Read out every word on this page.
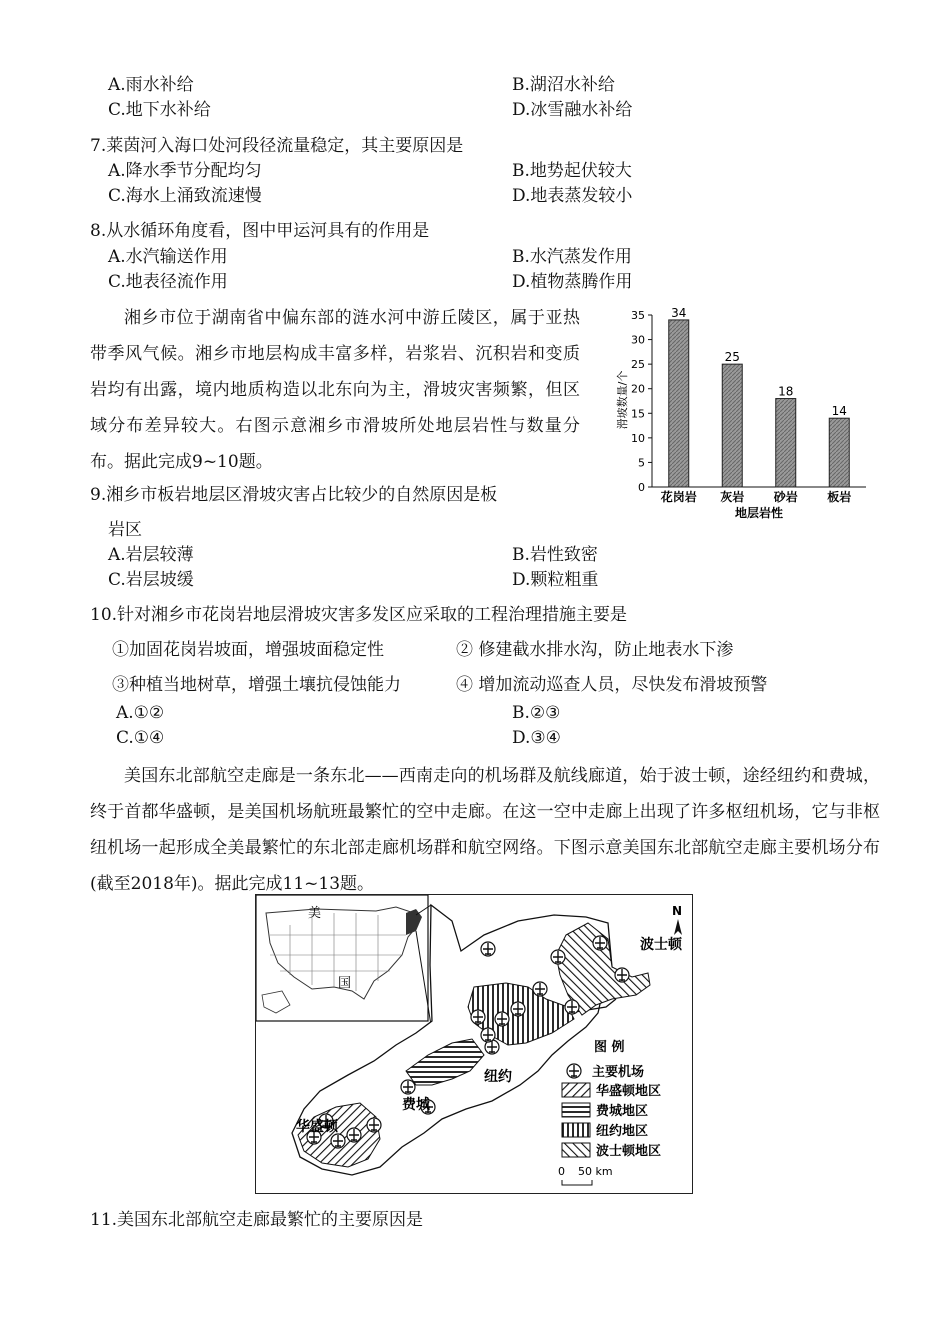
A.雨水补给	B.湖沼水补给
C.地下水补给	D.冰雪融水补给
7.莱茵河入海口处河段径流量稳定，其主要原因是
A.降水季节分配均匀	B.地势起伏较大
C.海水上涌致流速慢	D.地表蒸发较小
8.从水循环角度看，图中甲运河具有的作用是
A.水汽输送作用	B.水汽蒸发作用
C.地表径流作用	D.植物蒸腾作用
湘乡市位于湖南省中偏东部的涟水河中游丘陵区，属于亚热带季风气候。湘乡市地层构成丰富多样，岩浆岩、沉积岩和变质岩均有出露，境内地质构造以北东向为主，滑坡灾害频繁，但区域分布差异较大。右图示意湘乡市滑坡所处地层岩性与数量分布。据此完成9~10题。
滑坡数量/个
0
5
10
15
20
25
30
35 34
花岗岩
25
灰岩
18
砂岩
14
板岩
地层岩性
9.湘乡市板岩地层区滑坡灾害占比较少的自然原因是板
岩区
A.岩层较薄	B.岩性致密
C.岩层坡缓	D.颗粒粗重
10.针对湘乡市花岗岩地层滑坡灾害多发区应采取的工程治理措施主要是
①加固花岗岩坡面，增强坡面稳定性	② 修建截水排水沟，防止地表水下渗
③种植当地树草，增强土壤抗侵蚀能力	④ 增加流动巡查人员，尽快发布滑坡预警
A.①②	B.②③
C.①④	D.③④
美国东北部航空走廊是一条东北——西南走向的机场群及航线廊道，始于波士顿，途经纽约和费城，终于首都华盛顿，是美国机场航班最繁忙的空中走廊。在这一空中走廊上出现了许多枢纽机场，它与非枢纽机场一起形成全美最繁忙的东北部走廊机场群和航空网络。下图示意美国东北部航空走廊主要机场分布(截至2018年)。据此完成11~13题。
美
国
波士顿
纽约
费城
华盛顿
N
图 例
主要机场
华盛顿地区
费城地区
纽约地区
波士顿地区
0 50 km
11.美国东北部航空走廊最繁忙的主要原因是
